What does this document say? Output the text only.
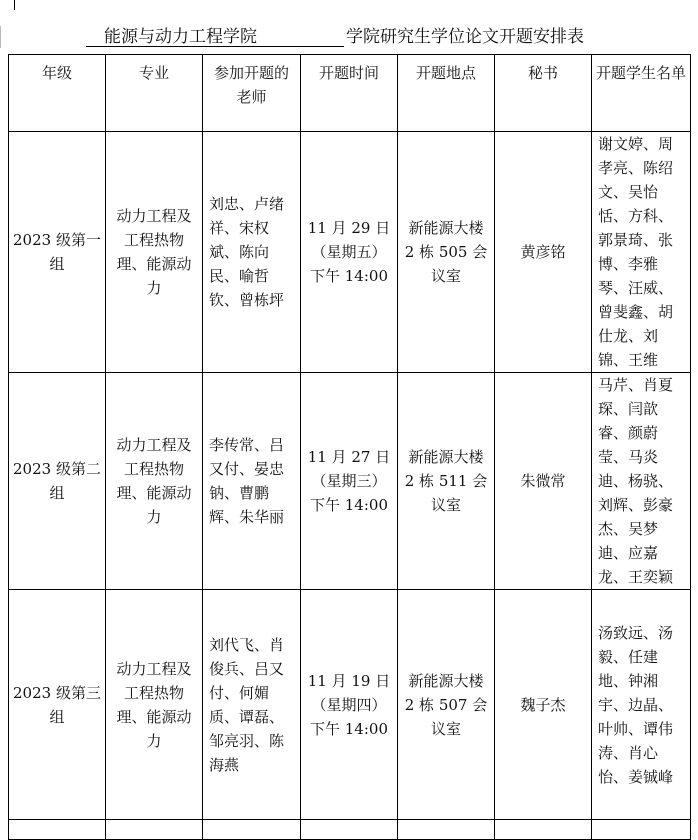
能源与动力工程学院	学院研究生学位论文开题安排表
年级	专业	参加开题的老师	开题时间	开题地点	秘书	开题学生名单
2023 级第一组	动力工程及工程热物理、能源动力	刘忠、卢绪祥、宋权斌、陈向民、喻哲钦、曾栋坪	11 月 29 日（星期五）下午 14:00	新能源大楼 2 栋 505 会议室	黄彦铭	谢文婷、周孝亮、陈绍文、吴怡恬、方科、郭景琦、张博、李雅琴、汪威、曾斐鑫、胡仕龙、刘锦、王维
2023 级第二组	动力工程及工程热物理、能源动力	李传常、吕又付、晏忠钠、曹鹏辉、朱华丽	11 月 27 日（星期三）下午 14:00	新能源大楼 2 栋 511 会议室	朱微常	马芹、肖夏琛、闫歆睿、颜蔚莹、马炎迪、杨骁、刘辉、彭豪杰、吴梦迪、应嘉龙、王奕颖
2023 级第三组	动力工程及工程热物理、能源动力	刘代飞、肖俊兵、吕又付、何媚质、谭磊、邹亮羽、陈海燕	11 月 19 日（星期四）下午 14:00	新能源大楼 2 栋 507 会议室	魏子杰	汤致远、汤毅、任建地、钟湘宇、边晶、叶帅、谭伟涛、肖心怡、姜铖峰
